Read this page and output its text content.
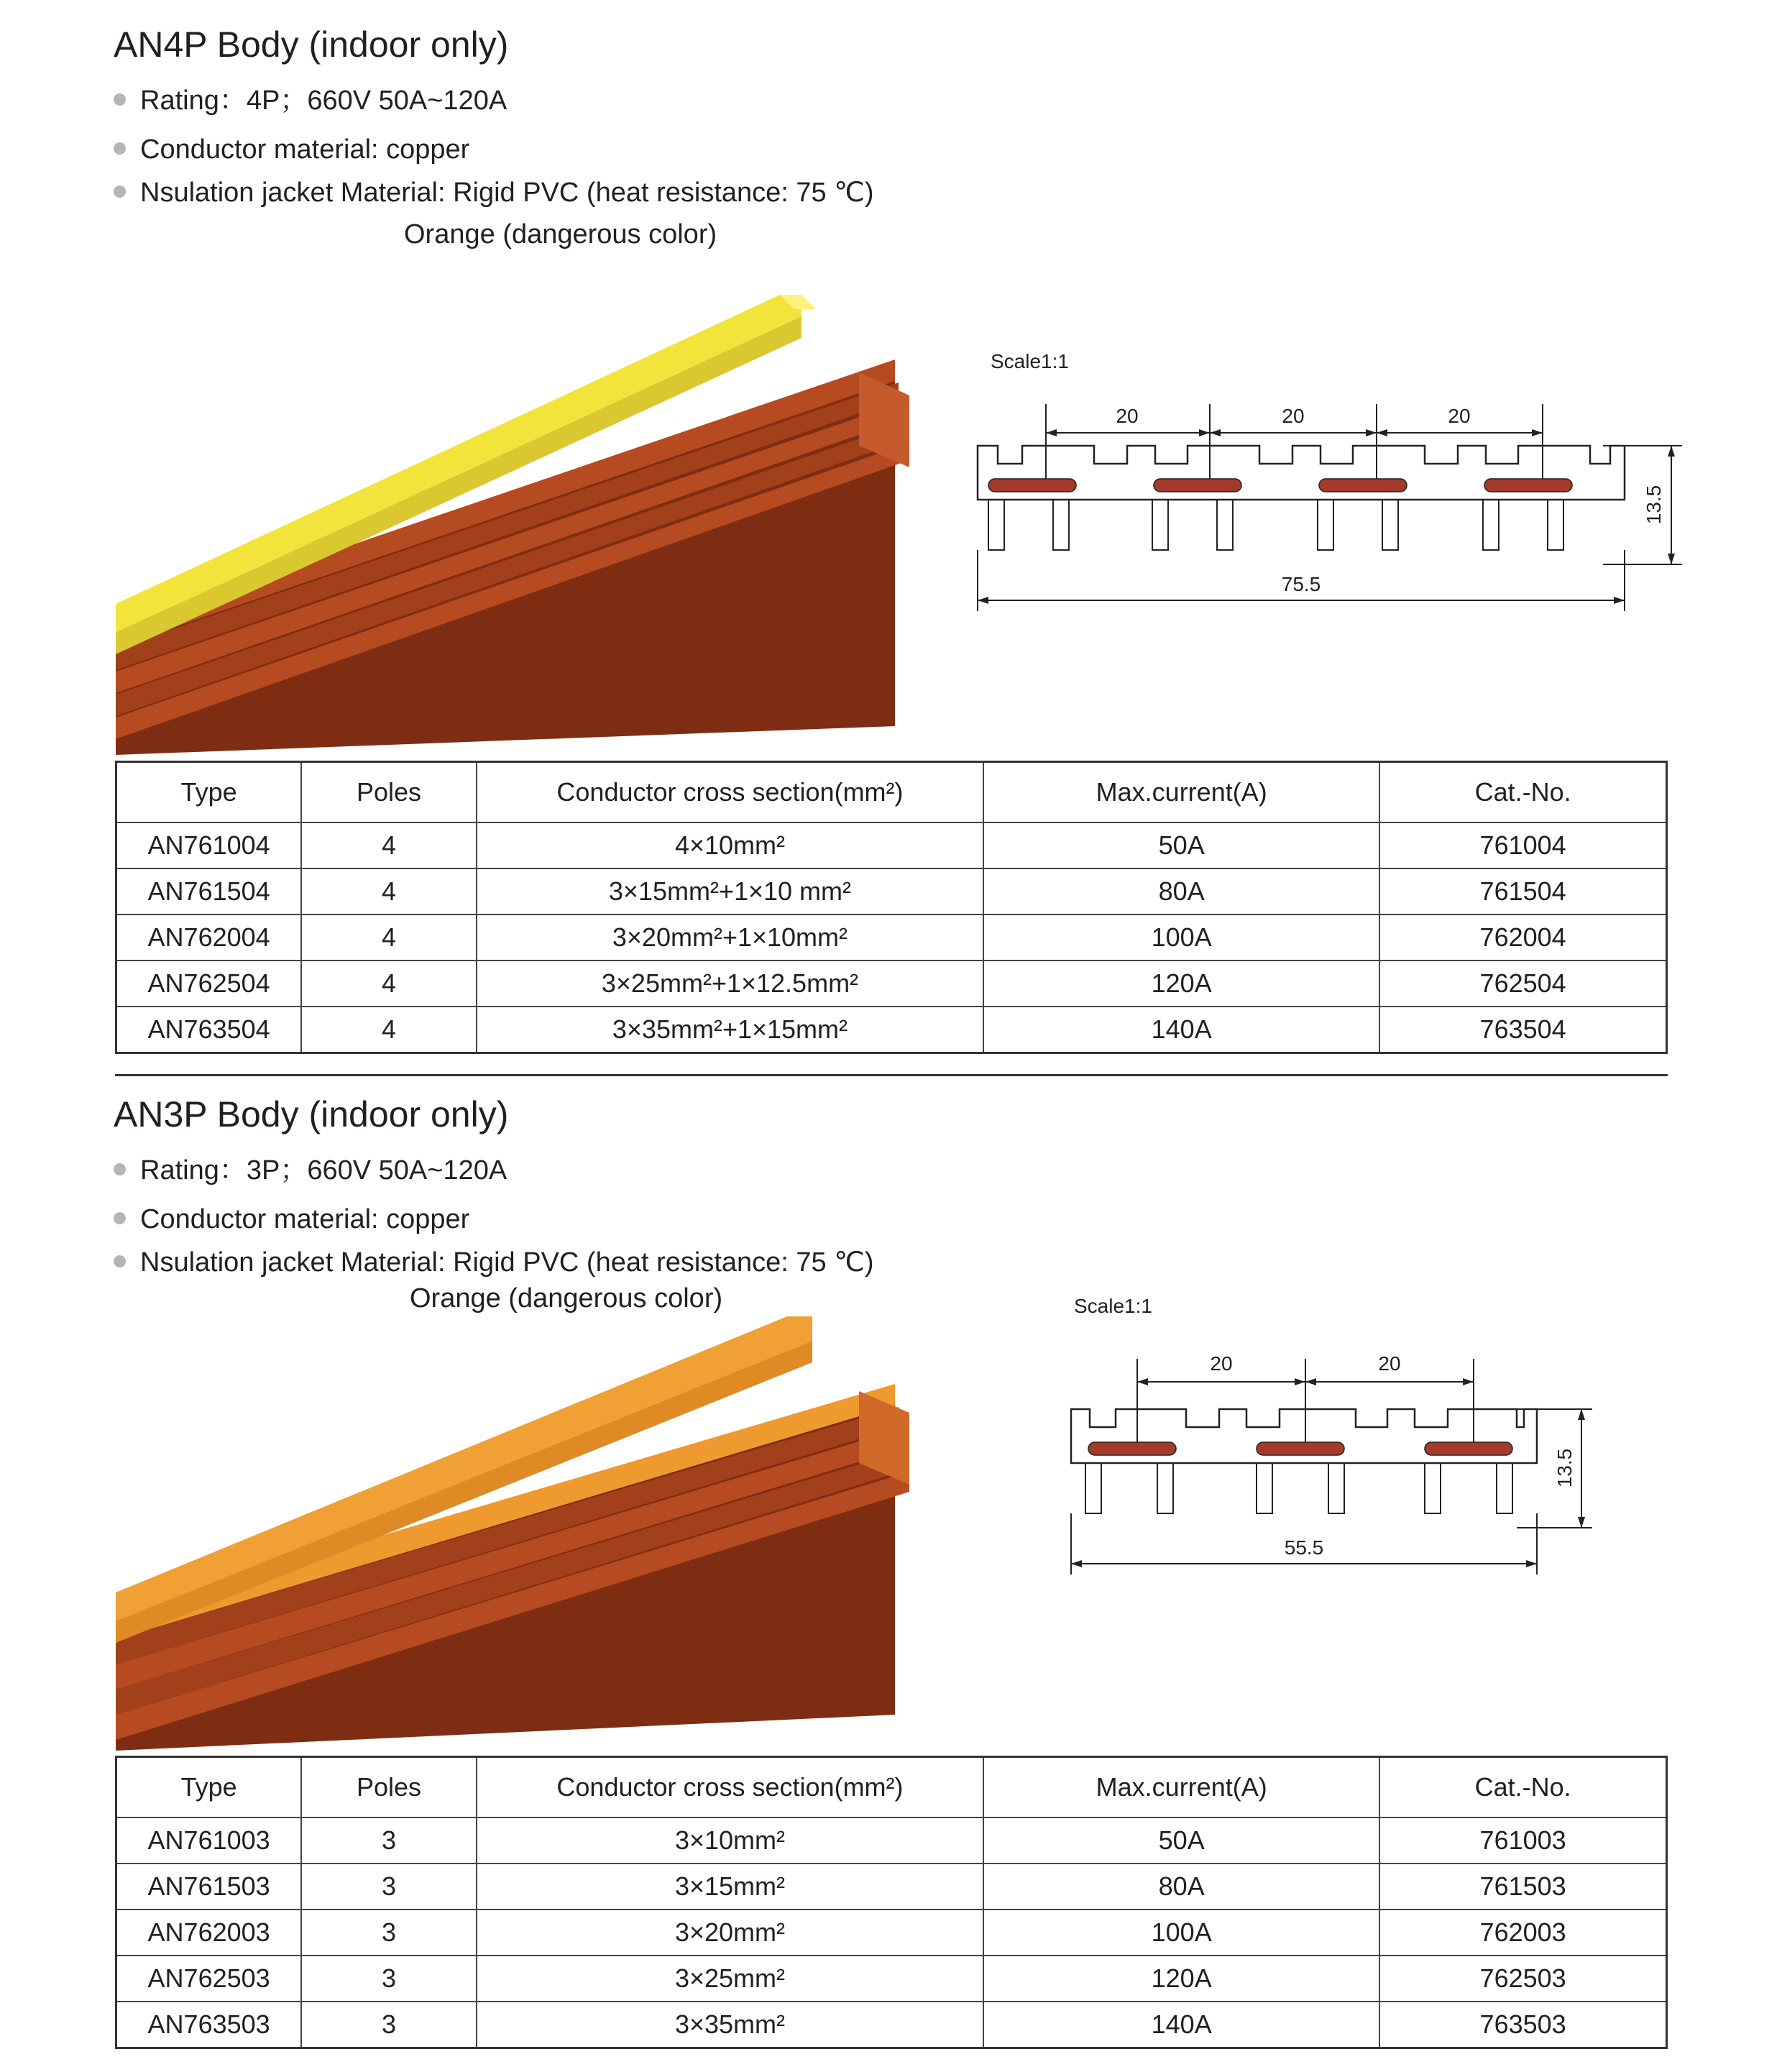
AN4P Body (indoor only)
Rating：4P；660V 50A~120A
Conductor material: copper
Nsulation jacket Material: Rigid PVC (heat resistance: 75 ℃)
Orange (dangerous color)
Scale1:1
20	20	20
75.5
13.5
Type	Poles	Conductor cross section(mm²)	Max.current(A)	Cat.-No.
AN761004	4	4×10mm²	50A	761004
AN761504	4	3×15mm²+1×10 mm²	80A	761504
AN762004	4	3×20mm²+1×10mm²	100A	762004
AN762504	4	3×25mm²+1×12.5mm²	120A	762504
AN763504	4	3×35mm²+1×15mm²	140A	763504
AN3P Body (indoor only)
Rating：3P；660V 50A~120A
Conductor material: copper
Nsulation jacket Material: Rigid PVC (heat resistance: 75 ℃)
Orange (dangerous color)	Scale1:1
20	20
55.5
13.5
Type	Poles	Conductor cross section(mm²)	Max.current(A)	Cat.-No.
AN761003	3	3×10mm²	50A	761003
AN761503	3	3×15mm²	80A	761503
AN762003	3	3×20mm²	100A	762003
AN762503	3	3×25mm²	120A	762503
AN763503	3	3×35mm²	140A	763503
